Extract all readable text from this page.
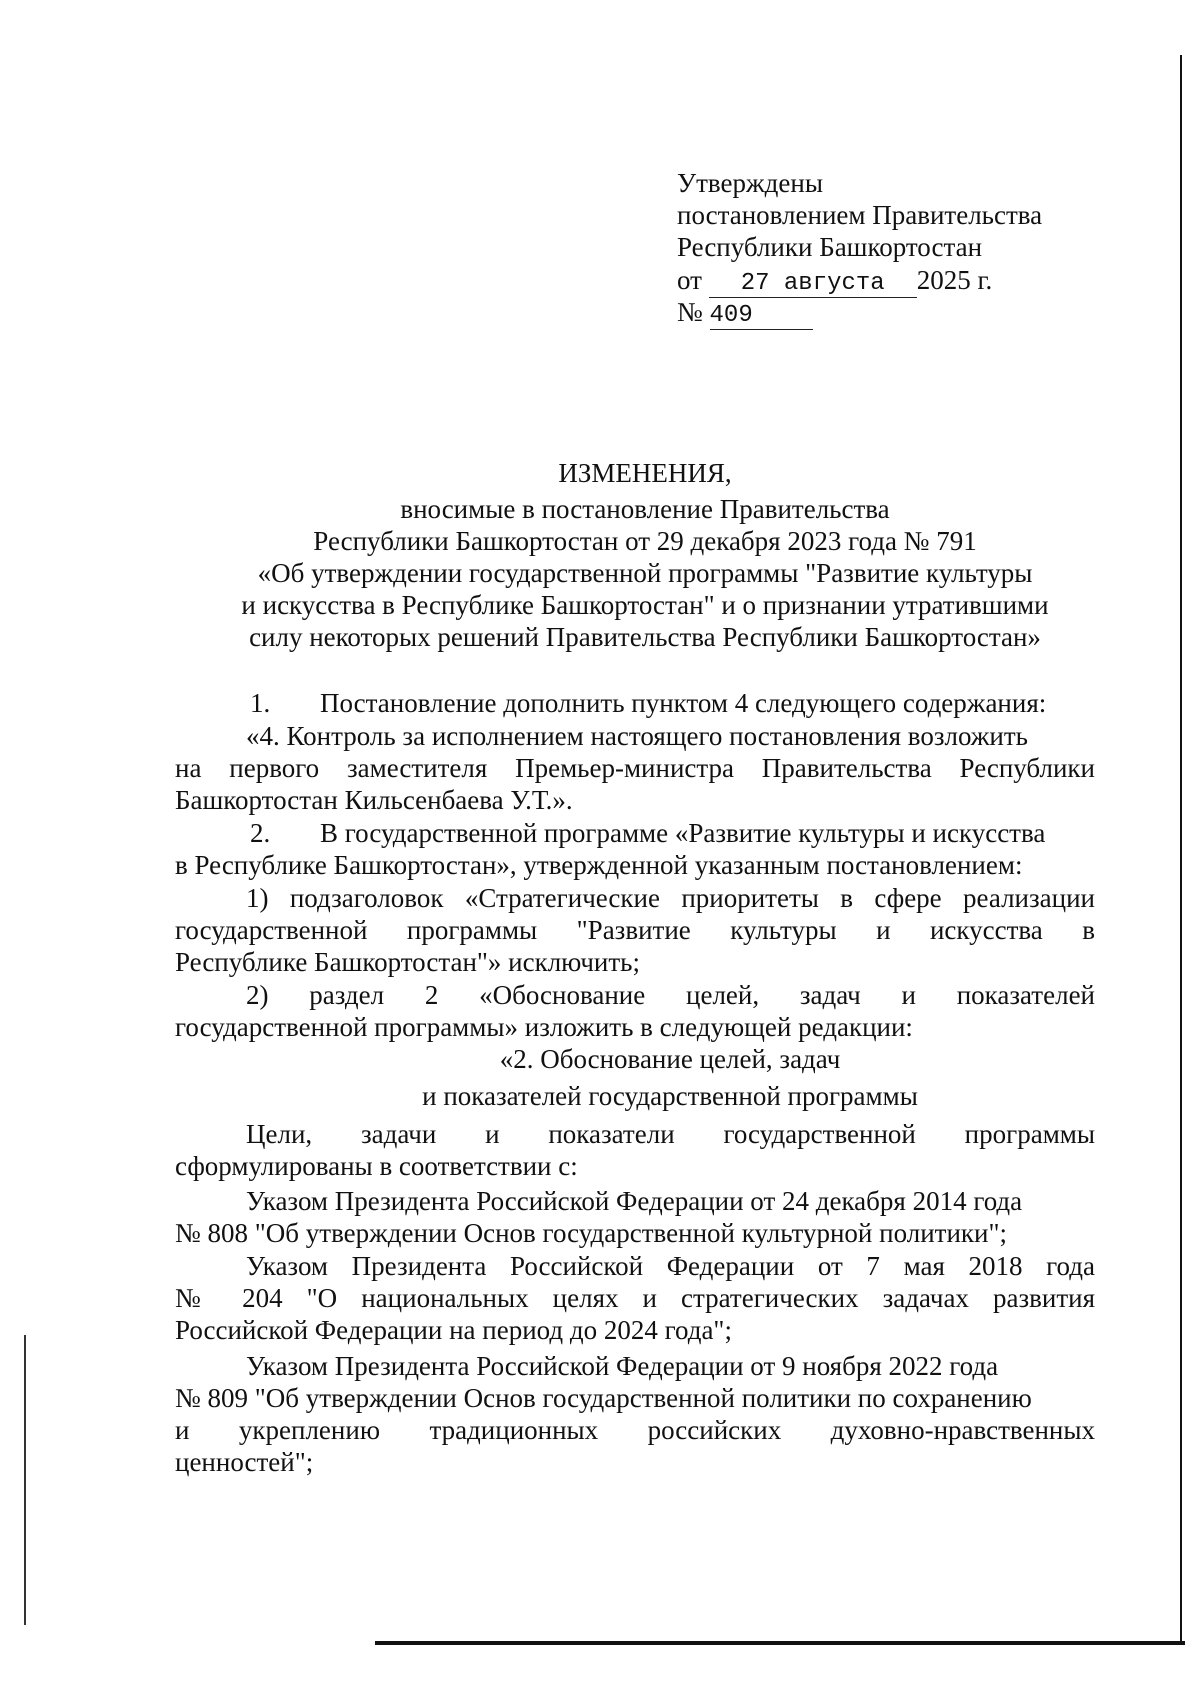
Утверждены
постановлением Правительства
Республики Башкортостан
от 27 августа 2025 г.
№ 409
ИЗМЕНЕНИЯ,
вносимые в постановление Правительства
Республики Башкортостан от 29 декабря 2023 года № 791
«Об утверждении государственной программы "Развитие культуры
и искусства в Республике Башкортостан" и о признании утратившими
силу некоторых решений Правительства Республики Башкортостан»
1. Постановление дополнить пунктом 4 следующего содержания:
«4. Контроль за исполнением настоящего постановления возложить
на первого заместителя Премьер-министра Правительства Республики
Башкортостан Кильсенбаева У.Т.».
2. В государственной программе «Развитие культуры и искусства
в Республике Башкортостан», утвержденной указанным постановлением:
1) подзаголовок «Стратегические приоритеты в сфере реализации
государственной программы "Развитие культуры и искусства в
Республике Башкортостан"» исключить;
2) раздел 2 «Обоснование целей, задач и показателей
государственной программы» изложить в следующей редакции:
«2. Обоснование целей, задач
и показателей государственной программы
Цели, задачи и показатели государственной программы
сформулированы в соответствии с:
Указом Президента Российской Федерации от 24 декабря 2014 года
№ 808 "Об утверждении Основ государственной культурной политики";
Указом Президента Российской Федерации от 7 мая 2018 года
№ 204 "О национальных целях и стратегических задачах развития
Российской Федерации на период до 2024 года";
Указом Президента Российской Федерации от 9 ноября 2022 года
№ 809 "Об утверждении Основ государственной политики по сохранению
и укреплению традиционных российских духовно-нравственных
ценностей";
